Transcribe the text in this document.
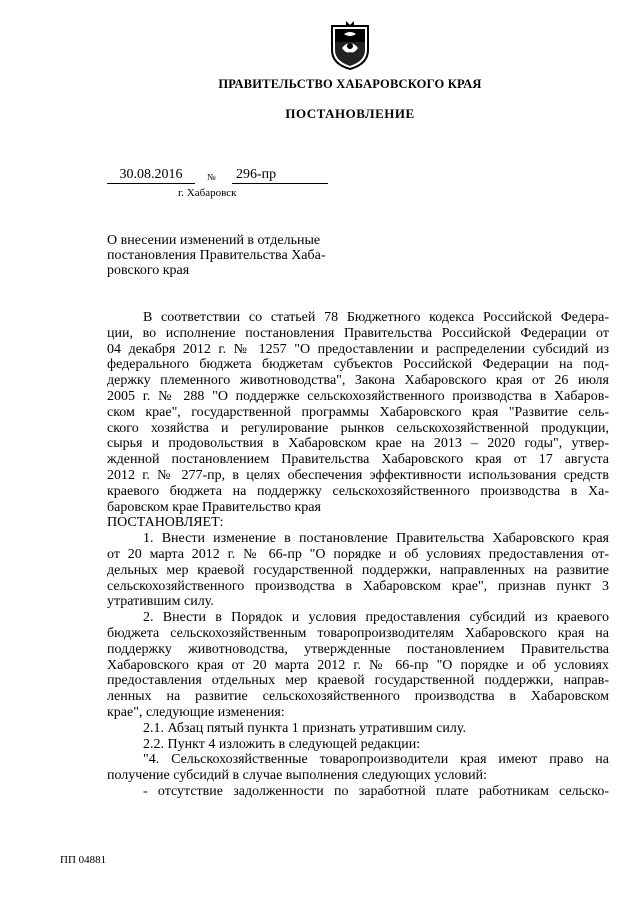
ПРАВИТЕЛЬСТВО ХАБАРОВСКОГО КРАЯ
ПОСТАНОВЛЕНИЕ
30.08.2016	№ 296-пр
г. Хабаровск
О внесении изменений в отдельные
постановления Правительства Хаба-
ровского края

В соответствии со статьей 78 Бюджетного кодекса Российской Федера-

ции, во исполнение постановления Правительства Российской Федерации от

04 декабря 2012 г. № 1257 "О предоставлении и распределении субсидий из

федерального бюджета бюджетам субъектов Российской Федерации на под-

держку племенного животноводства", Закона Хабаровского края от 26 июля

2005 г. № 288 "О поддержке сельскохозяйственного производства в Хабаров-

ском крае", государственной программы Хабаровского края "Развитие сель-

ского хозяйства и регулирование рынков сельскохозяйственной продукции,

сырья и продовольствия в Хабаровском крае на 2013 – 2020 годы", утвер-

жденной постановлением Правительства Хабаровского края от 17 августа

2012 г. № 277-пр, в целях обеспечения эффективности использования средств

краевого бюджета на поддержку сельскохозяйственного производства в Ха-

баровском крае Правительство края

ПОСТАНОВЛЯЕТ:

1. Внести изменение в постановление Правительства Хабаровского края

от 20 марта 2012 г. № 66-пр "О порядке и об условиях предоставления от-

дельных мер краевой государственной поддержки, направленных на развитие

сельскохозяйственного производства в Хабаровском крае", признав пункт 3

утратившим силу.

2. Внести в Порядок и условия предоставления субсидий из краевого

бюджета сельскохозяйственным товаропроизводителям Хабаровского края на

поддержку животноводства, утвержденные постановлением Правительства

Хабаровского края от 20 марта 2012 г. № 66-пр "О порядке и об условиях

предоставления отдельных мер краевой государственной поддержки, направ-

ленных на развитие сельскохозяйственного производства в Хабаровском

крае", следующие изменения:

2.1. Абзац пятый пункта 1 признать утратившим силу.

2.2. Пункт 4 изложить в следующей редакции:

"4. Сельскохозяйственные товаропроизводители края имеют право на

получение субсидий в случае выполнения следующих условий:

- отсутствие задолженности по заработной плате работникам сельско-

ПП 04881
